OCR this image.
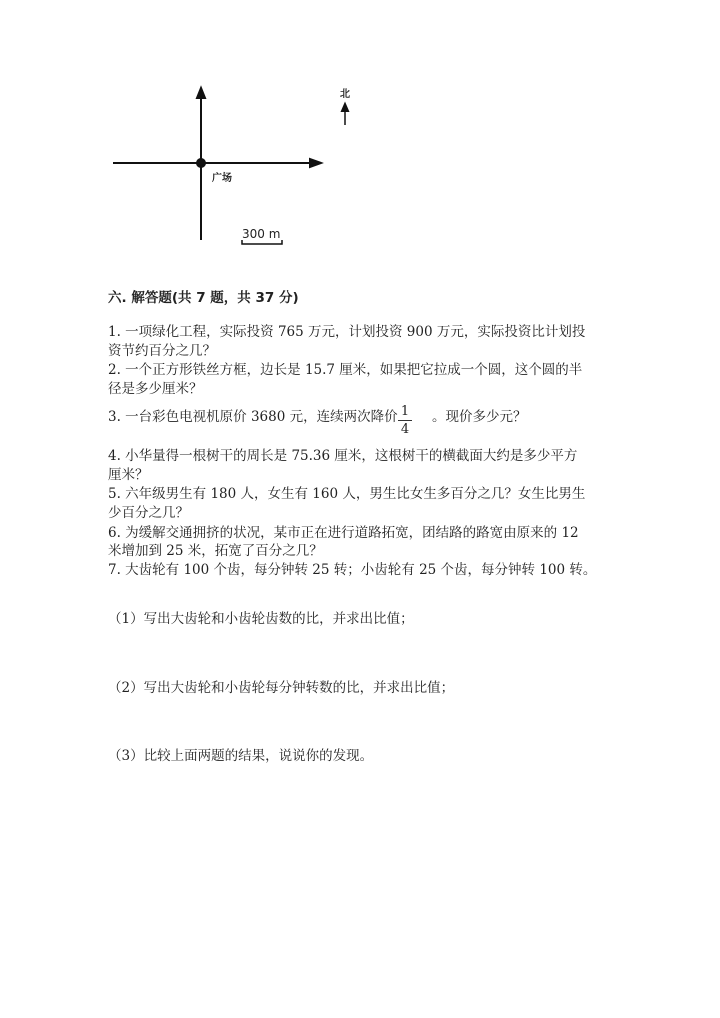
广场
北
300 m
六. 解答题(共 7 题，共 37 分)
1. 一项绿化工程，实际投资 765 万元，计划投资 900 万元，实际投资比计划投
资节约百分之几？
2. 一个正方形铁丝方框，边长是 15.7 厘米，如果把它拉成一个圆，这个圆的半
径是多少厘米？
3. 一台彩色电视机原价 3680 元，连续两次降价 1
4
。现价多少元？
4. 小华量得一根树干的周长是 75.36 厘米，这根树干的横截面大约是多少平方
厘米？
5. 六年级男生有 180 人，女生有 160 人，男生比女生多百分之几？女生比男生
少百分之几？
6. 为缓解交通拥挤的状况，某市正在进行道路拓宽，团结路的路宽由原来的 12
米增加到 25 米，拓宽了百分之几？
7. 大齿轮有 100 个齿，每分钟转 25 转；小齿轮有 25 个齿，每分钟转 100 转。
（1）写出大齿轮和小齿轮齿数的比，并求出比值；
（2）写出大齿轮和小齿轮每分钟转数的比，并求出比值；
（3）比较上面两题的结果，说说你的发现。
